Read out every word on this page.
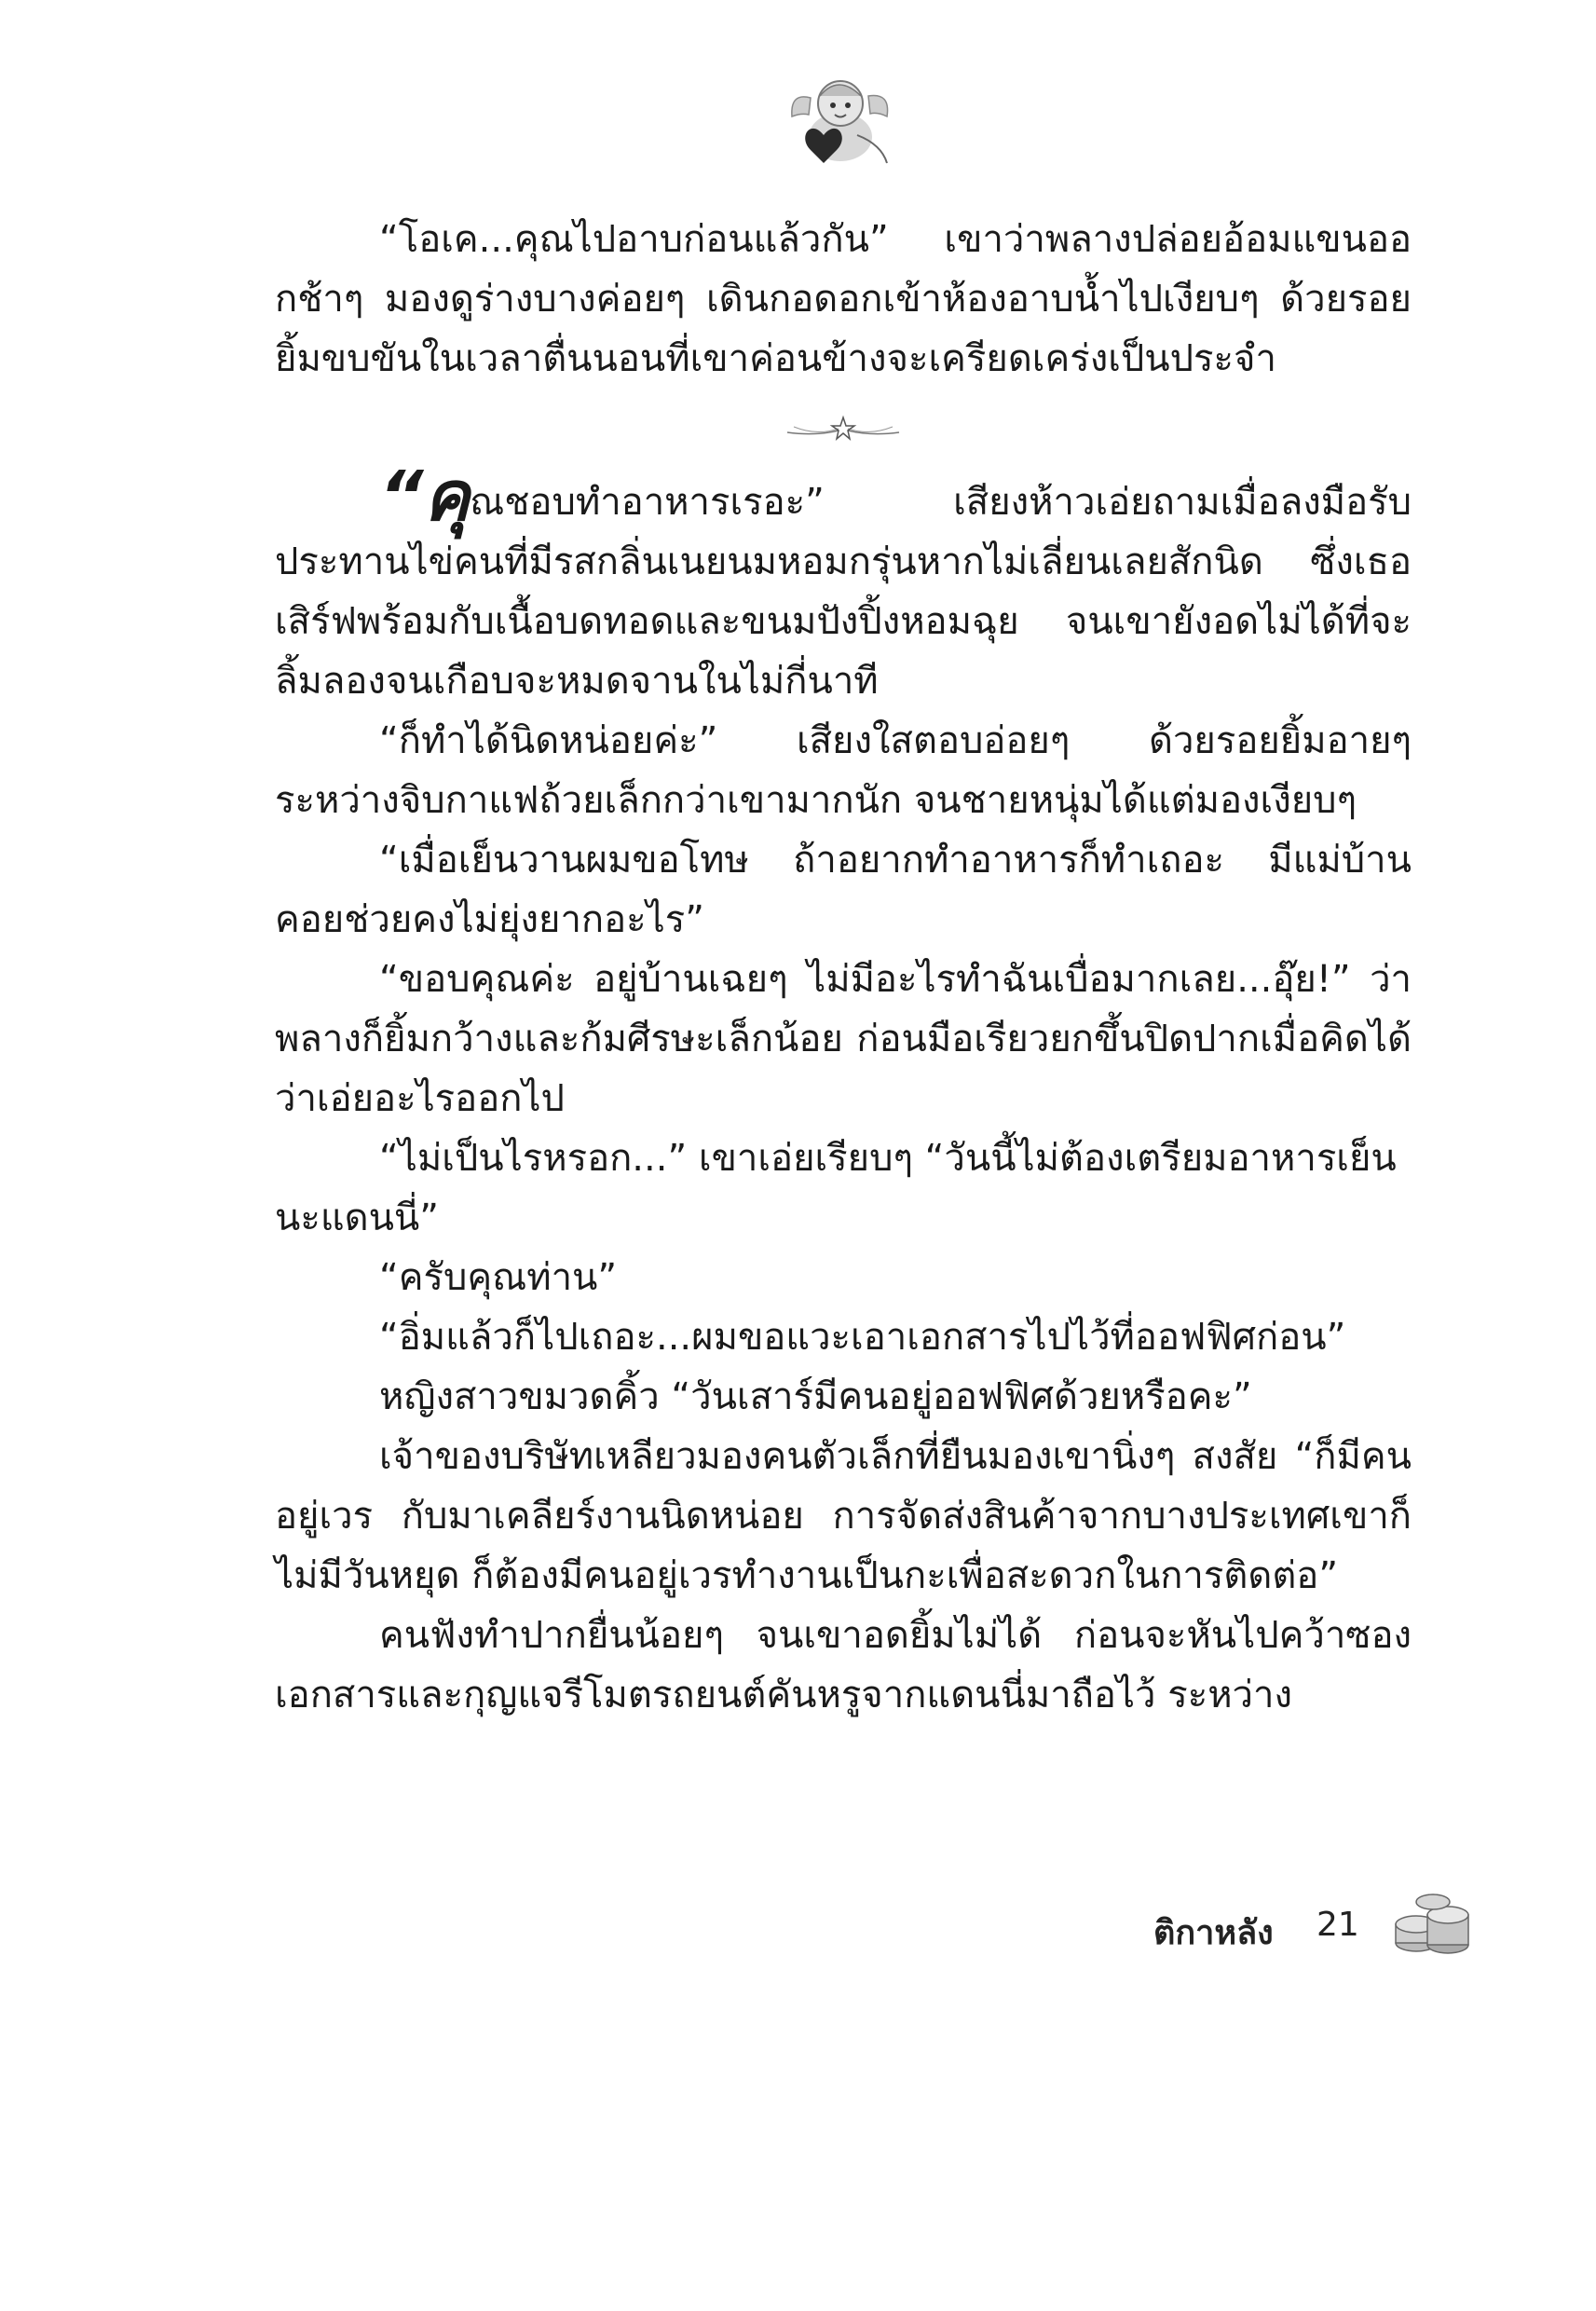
“โอเค...คุณไปอาบก่อนแล้วกัน” เขาว่าพลางปล่อยอ้อมแขนออกช้าๆ มองดูร่างบางค่อยๆ เดินกอดอกเข้าห้องอาบน้ำไปเงียบๆ ด้วยรอยยิ้มขบขันในเวลาตื่นนอนที่เขาค่อนข้างจะเครียดเคร่งเป็นประจำ

“คุณชอบทำอาหารเรอะ” เสียงห้าวเอ่ยถามเมื่อลงมือรับประทานไข่คนที่มีรสกลิ่นเนยนมหอมกรุ่นหากไม่เลี่ยนเลยสักนิด ซึ่งเธอเสิร์ฟพร้อมกับเนื้อบดทอดและขนมปังปิ้งหอมฉุย จนเขายังอดไม่ได้ที่จะลิ้มลองจนเกือบจะหมดจานในไม่กี่นาที

“ก็ทำได้นิดหน่อยค่ะ” เสียงใสตอบอ่อยๆ ด้วยรอยยิ้มอายๆ ระหว่างจิบกาแฟถ้วยเล็กกว่าเขามากนัก จนชายหนุ่มได้แต่มองเงียบๆ

“เมื่อเย็นวานผมขอโทษ ถ้าอยากทำอาหารก็ทำเถอะ มีแม่บ้านคอยช่วยคงไม่ยุ่งยากอะไร”

“ขอบคุณค่ะ อยู่บ้านเฉยๆ ไม่มีอะไรทำฉันเบื่อมากเลย...อุ๊ย!” ว่าพลางก็ยิ้มกว้างและก้มศีรษะเล็กน้อย ก่อนมือเรียวยกขึ้นปิดปากเมื่อคิดได้ว่าเอ่ยอะไรออกไป

“ไม่เป็นไรหรอก...” เขาเอ่ยเรียบๆ “วันนี้ไม่ต้องเตรียมอาหารเย็นนะแดนนี่”

“ครับคุณท่าน”

“อิ่มแล้วก็ไปเถอะ...ผมขอแวะเอาเอกสารไปไว้ที่ออฟฟิศก่อน”

หญิงสาวขมวดคิ้ว “วันเสาร์มีคนอยู่ออฟฟิศด้วยหรือคะ”

เจ้าของบริษัทเหลียวมองคนตัวเล็กที่ยืนมองเขานิ่งๆ สงสัย “ก็มีคนอยู่เวร กับมาเคลียร์งานนิดหน่อย การจัดส่งสินค้าจากบางประเทศเขาก็ไม่มีวันหยุด ก็ต้องมีคนอยู่เวรทำงานเป็นกะเพื่อสะดวกในการติดต่อ”

คนฟังทำปากยื่นน้อยๆ จนเขาอดยิ้มไม่ได้ ก่อนจะหันไปคว้าซองเอกสารและกุญแจรีโมตรถยนต์คันหรูจากแดนนี่มาถือไว้ ระหว่าง

ติกาหลัง 21
